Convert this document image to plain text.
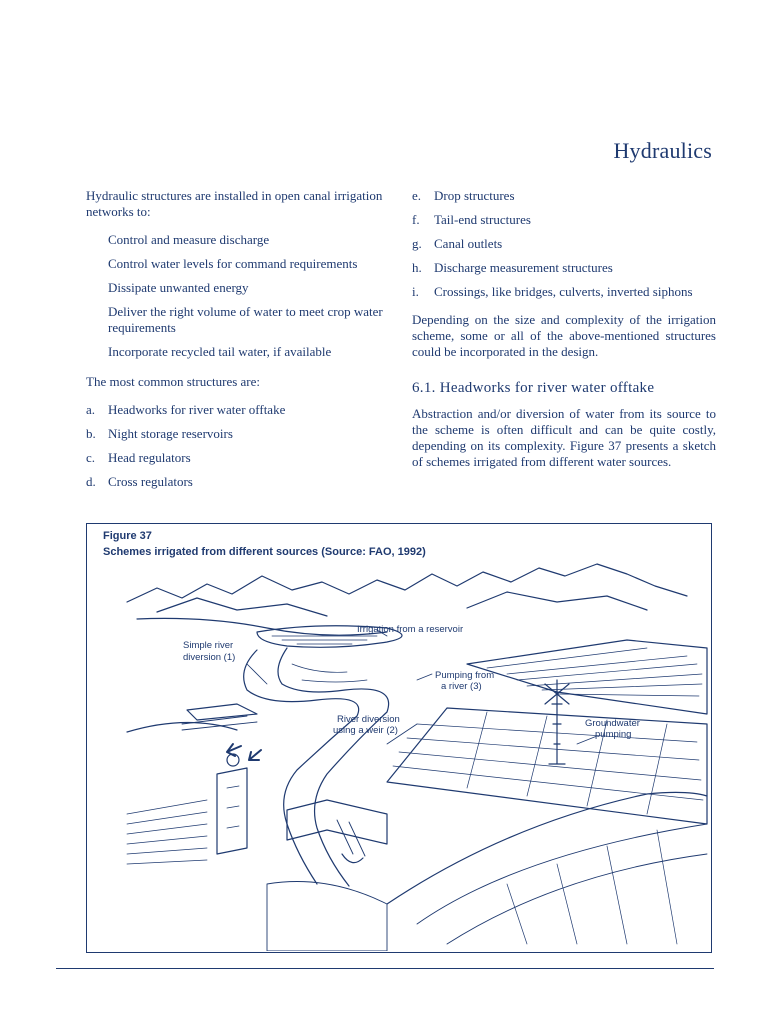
Hydraulics

Hydraulic structures are installed in open canal irrigation networks to:

Control and measure discharge
Control water levels for command requirements
Dissipate unwanted energy
Deliver the right volume of water to meet crop water requirements
Incorporate recycled tail water, if available

The most common structures are:

a. Headworks for river water offtake
b. Night storage reservoirs
c. Head regulators
d. Cross regulators
e. Drop structures
f.	Tail-end structures
g. Canal outlets
h. Discharge measurement structures
i.	Crossings, like bridges, culverts, inverted siphons

Depending on the size and complexity of the irrigation scheme, some or all of the above-mentioned structures could be incorporated in the design.

6.1. Headworks for river water offtake

Abstraction and/or diversion of water from its source to the scheme is often difficult and can be quite costly, depending on its complexity. Figure 37 presents a sketch of schemes irrigated from different water sources.

Figure 37
Schemes irrigated from different sources (Source: FAO, 1992)
Irrigation from a reservoir
Simple river
diversion (1)
Pumping from
a river (3)
River diversion
using a weir (2)
Groundwater
pumping
